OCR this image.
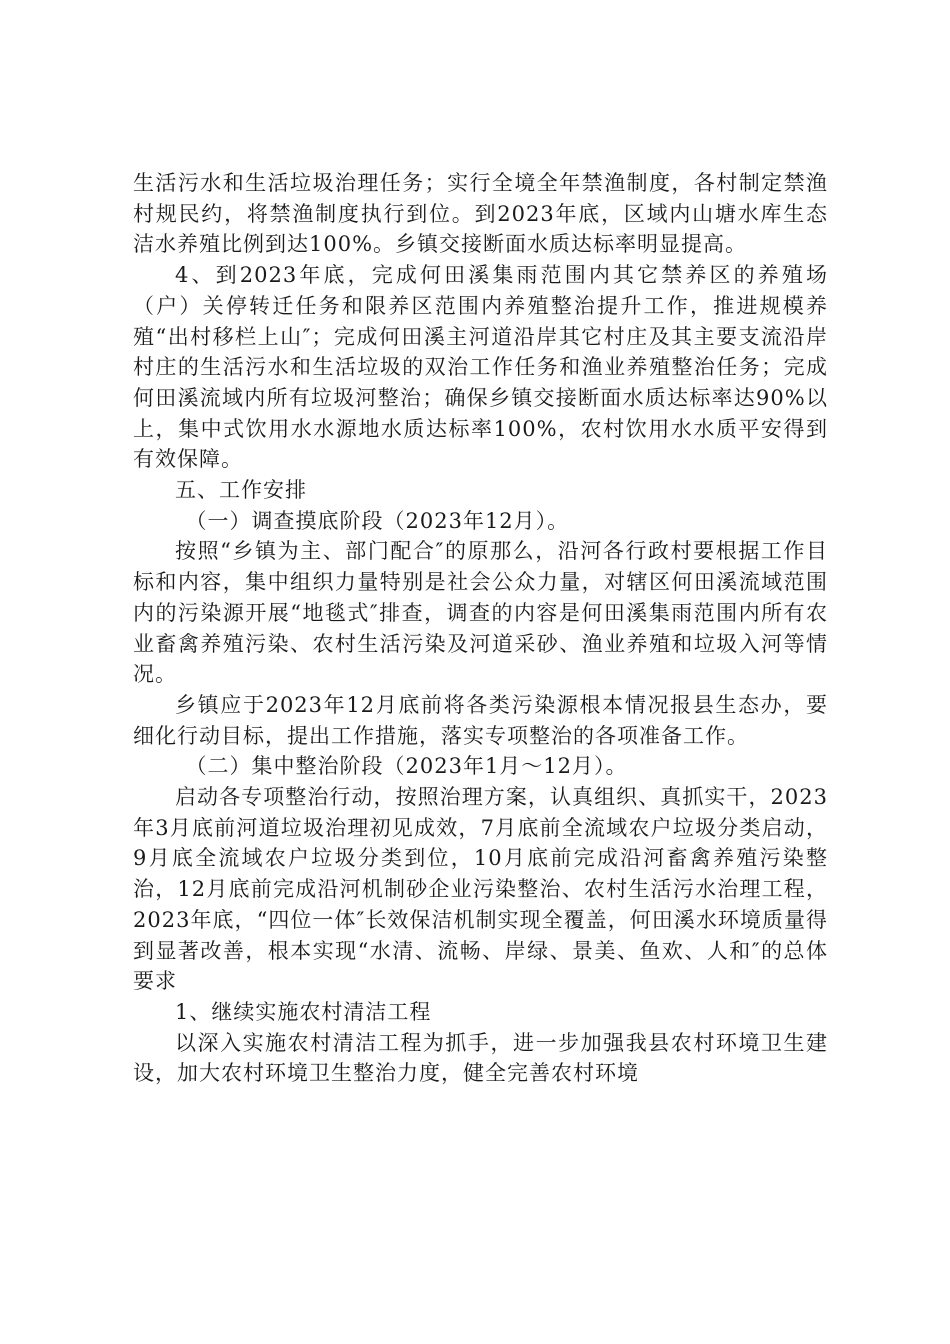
生活污水和生活垃圾治理任务；实行全境全年禁渔制度，各村制定禁渔村规民约，将禁渔制度执行到位。到2023年底，区域内山塘水库生态洁水养殖比例到达100%。乡镇交接断面水质达标率明显提高。

4、到2023年底，完成何田溪集雨范围内其它禁养区的养殖场（户）关停转迁任务和限养区范围内养殖整治提升工作，推进规模养殖“出村移栏上山″；完成何田溪主河道沿岸其它村庄及其主要支流沿岸村庄的生活污水和生活垃圾的双治工作任务和渔业养殖整治任务；完成何田溪流域内所有垃圾河整治；确保乡镇交接断面水质达标率达90%以上，集中式饮用水水源地水质达标率100%，农村饮用水水质平安得到有效保障。

五、工作安排

（一）调查摸底阶段（2023年12月）。

按照“乡镇为主、部门配合″的原那么，沿河各行政村要根据工作目标和内容，集中组织力量特别是社会公众力量，对辖区何田溪流域范围内的污染源开展“地毯式″排查，调查的内容是何田溪集雨范围内所有农业畜禽养殖污染、农村生活污染及河道采砂、渔业养殖和垃圾入河等情况。

乡镇应于2023年12月底前将各类污染源根本情况报县生态办，要细化行动目标，提出工作措施，落实专项整治的各项准备工作。

（二）集中整治阶段（2023年1月～12月）。

启动各专项整治行动，按照治理方案，认真组织、真抓实干，2023年3月底前河道垃圾治理初见成效，7月底前全流域农户垃圾分类启动，9月底全流域农户垃圾分类到位，10月底前完成沿河畜禽养殖污染整治，12月底前完成沿河机制砂企业污染整治、农村生活污水治理工程，2023年底，“四位一体″长效保洁机制实现全覆盖，何田溪水环境质量得到显著改善，根本实现“水清、流畅、岸绿、景美、鱼欢、人和″的总体要求

1、继续实施农村清洁工程

以深入实施农村清洁工程为抓手，进一步加强我县农村环境卫生建设，加大农村环境卫生整治力度，健全完善农村环境
